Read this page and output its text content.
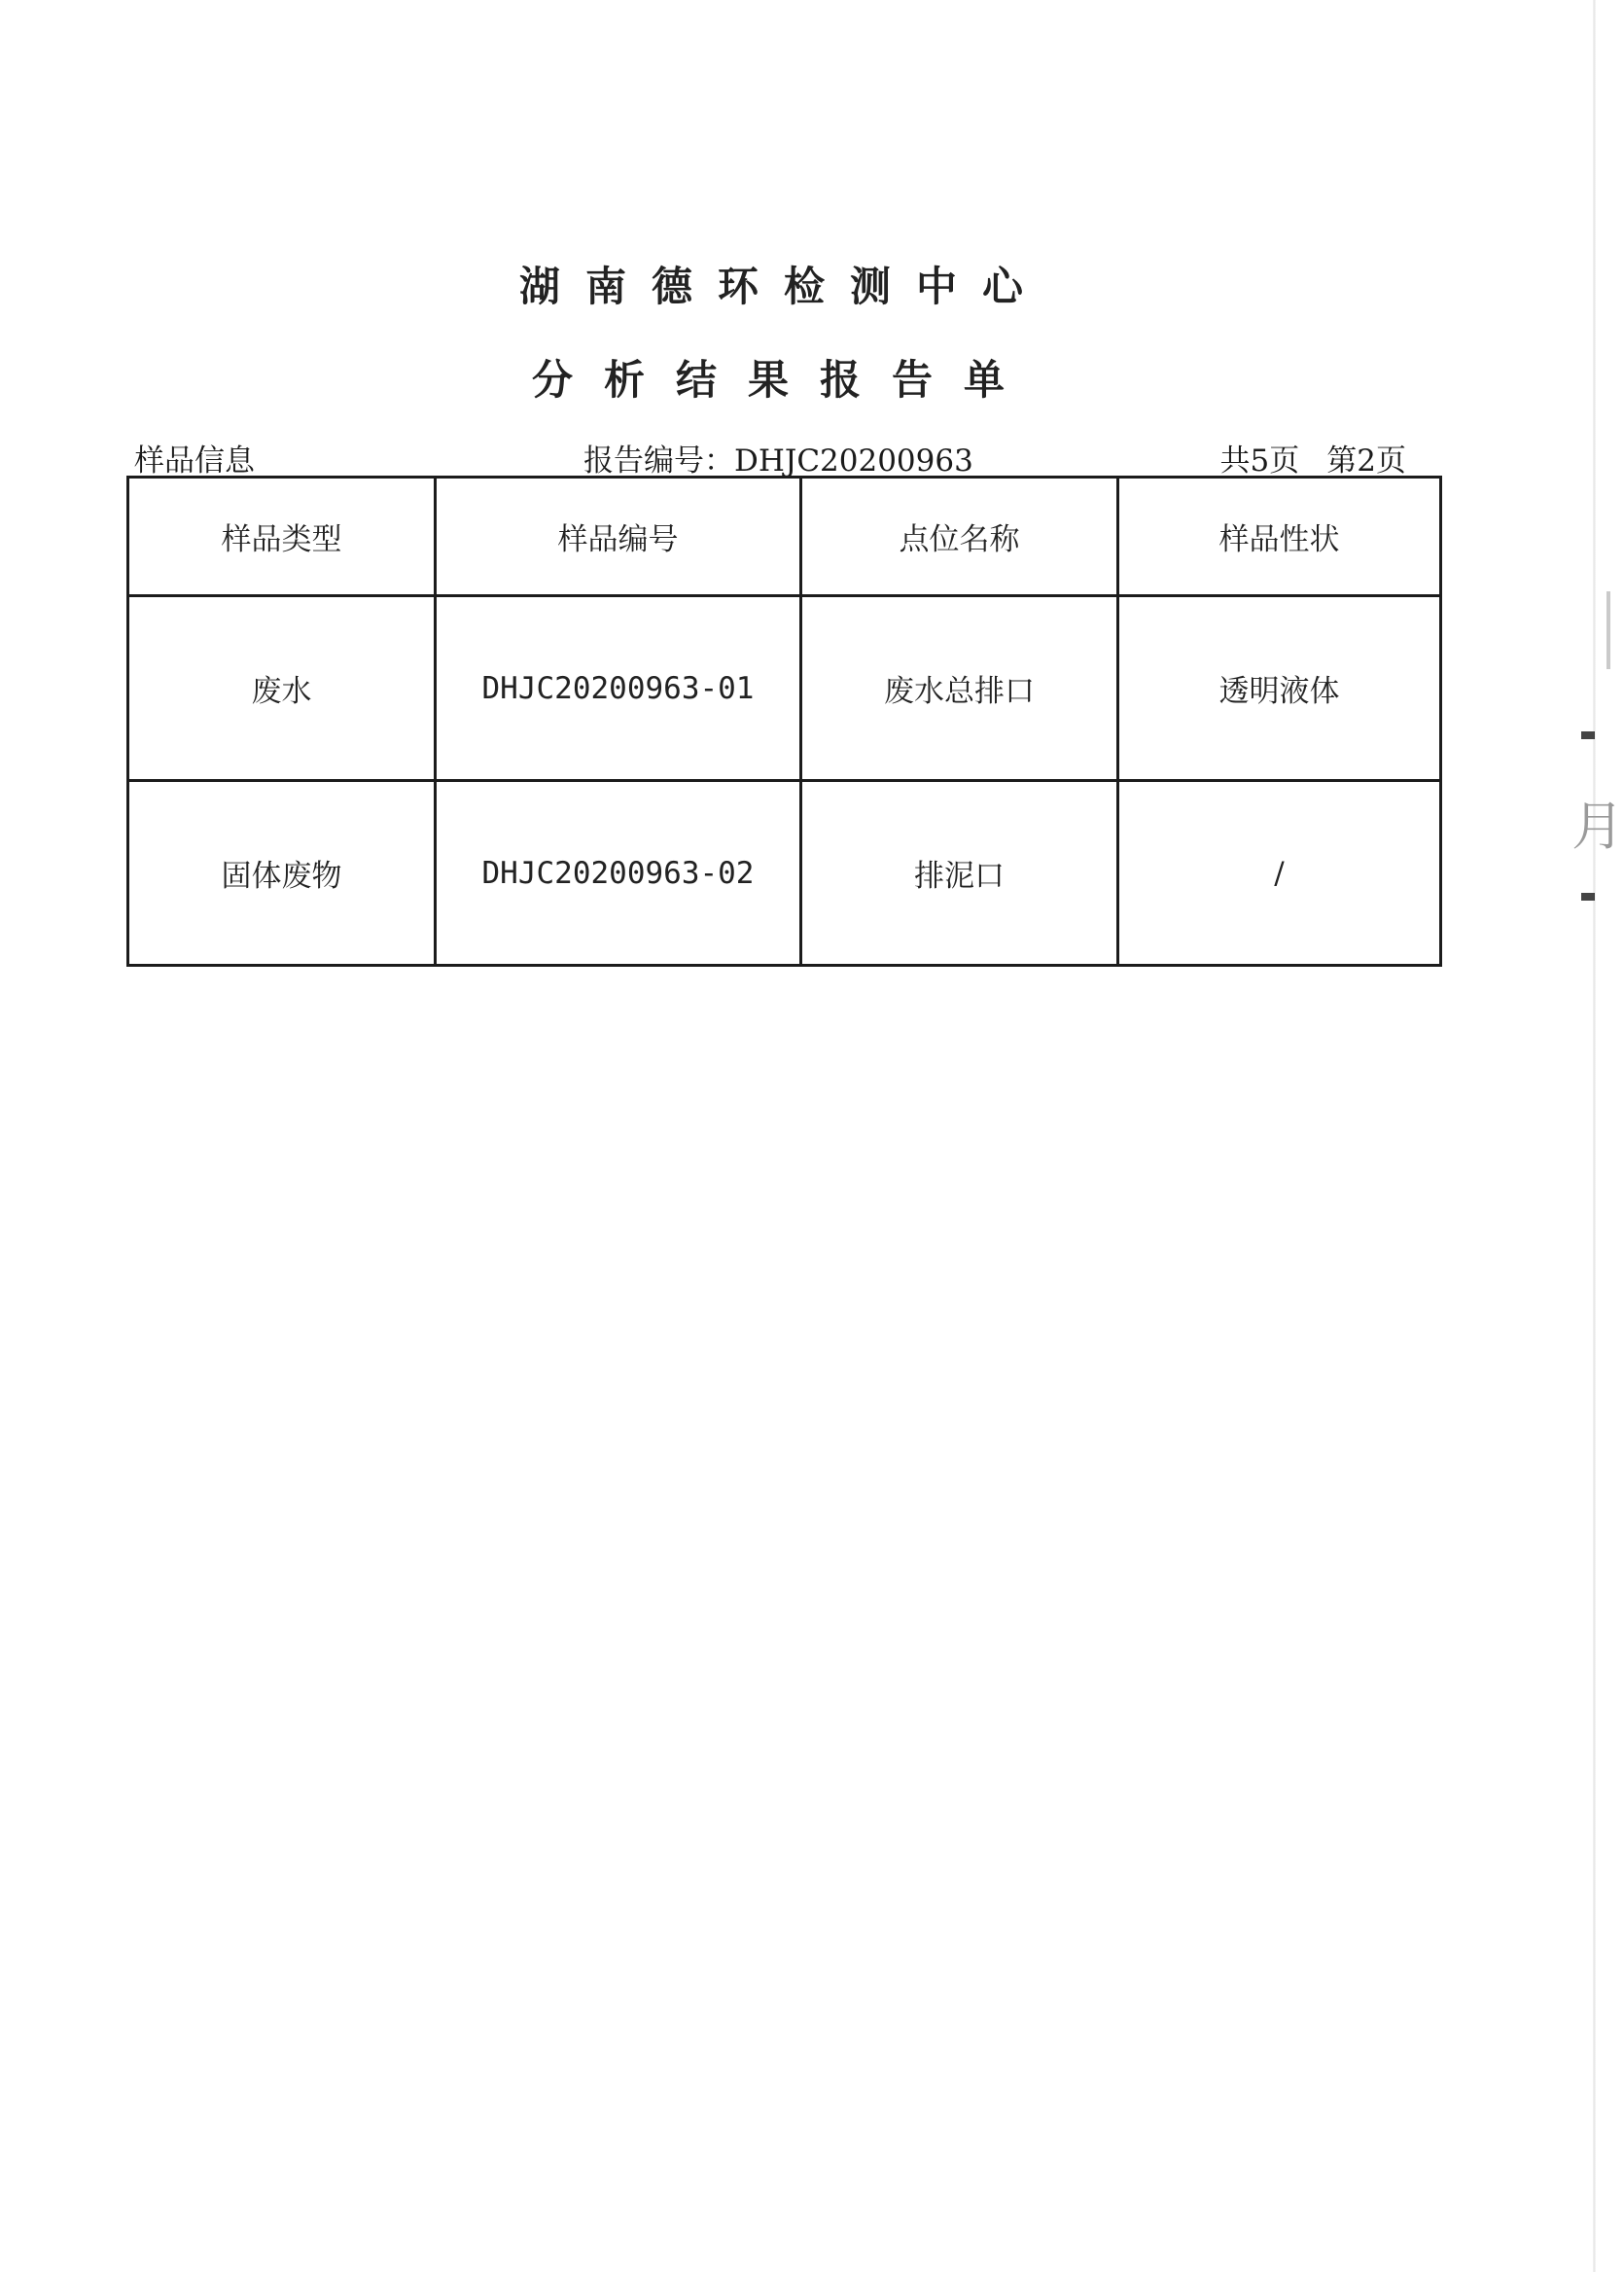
湖南德环检测中心
分析结果报告单
样品信息	报告编号：DHJC20200963	共5页 第2页
样品类型	样品编号	点位名称	样品性状
废水	DHJC20200963-01	废水总排口	透明液体
固体废物	DHJC20200963-02	排泥口	/
月
